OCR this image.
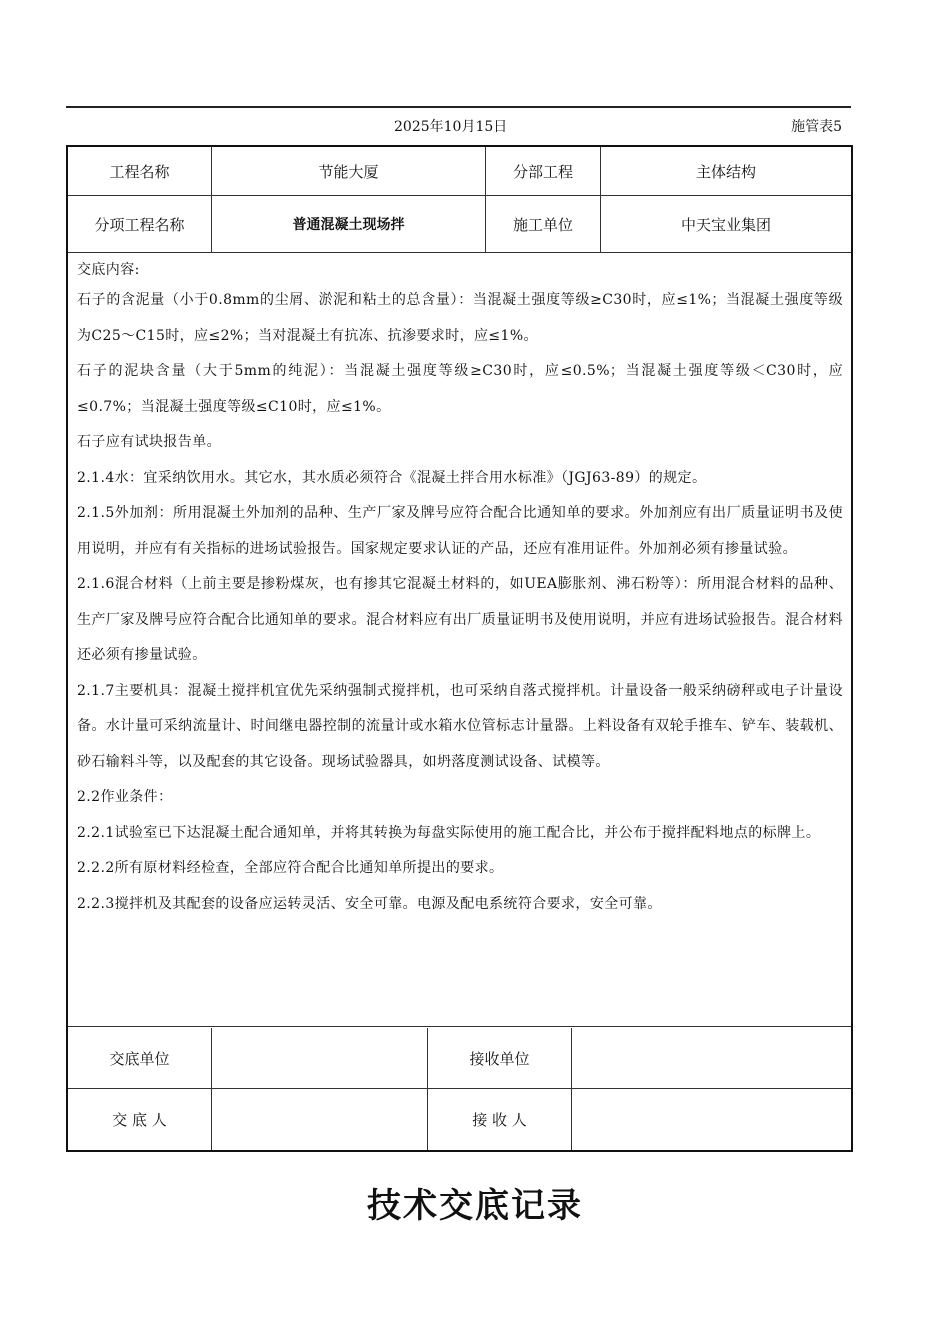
2025年10月15日	施管表5
工程名称	节能大厦	分部工程	主体结构
分项工程名称	普通混凝土现场拌	施工单位	中天宝业集团

交底内容:

石子的含泥量（小于0.8mm的尘屑、淤泥和粘土的总含量）：当混凝土强度等级≥C30时，应≤1%；当混凝土强度等级为C25～C15时，应≤2%；当对混凝土有抗冻、抗渗要求时，应≤1%。

石子的泥块含量（大于5mm的纯泥）：当混凝土强度等级≥C30时，应≤0.5%；当混凝土强度等级＜C30时，应≤0.7%；当混凝土强度等级≤C10时，应≤1%。

石子应有试块报告单。

2.1.4水：宜采纳饮用水。其它水，其水质必须符合《混凝土拌合用水标准》（JGJ63-89）的规定。

2.1.5外加剂：所用混凝土外加剂的品种、生产厂家及牌号应符合配合比通知单的要求。外加剂应有出厂质量证明书及使用说明，并应有有关指标的进场试验报告。国家规定要求认证的产品，还应有准用证件。外加剂必须有掺量试验。

2.1.6混合材料（上前主要是掺粉煤灰，也有掺其它混凝土材料的，如UEA膨胀剂、沸石粉等）：所用混合材料的品种、生产厂家及牌号应符合配合比通知单的要求。混合材料应有出厂质量证明书及使用说明，并应有进场试验报告。混合材料还必须有掺量试验。

2.1.7主要机具：混凝土搅拌机宜优先采纳强制式搅拌机，也可采纳自落式搅拌机。计量设备一般采纳磅秤或电子计量设备。水计量可采纳流量计、时间继电器控制的流量计或水箱水位管标志计量器。上料设备有双轮手推车、铲车、装载机、砂石输料斗等，以及配套的其它设备。现场试验器具，如坍落度测试设备、试模等。

2.2作业条件：

2.2.1试验室已下达混凝土配合通知单，并将其转换为每盘实际使用的施工配合比，并公布于搅拌配料地点的标牌上。

2.2.2所有原材料经检查，全部应符合配合比通知单所提出的要求。

2.2.3搅拌机及其配套的设备应运转灵活、安全可靠。电源及配电系统符合要求，安全可靠。

交底单位	接收单位
交 底 人	接 收 人
技术交底记录
